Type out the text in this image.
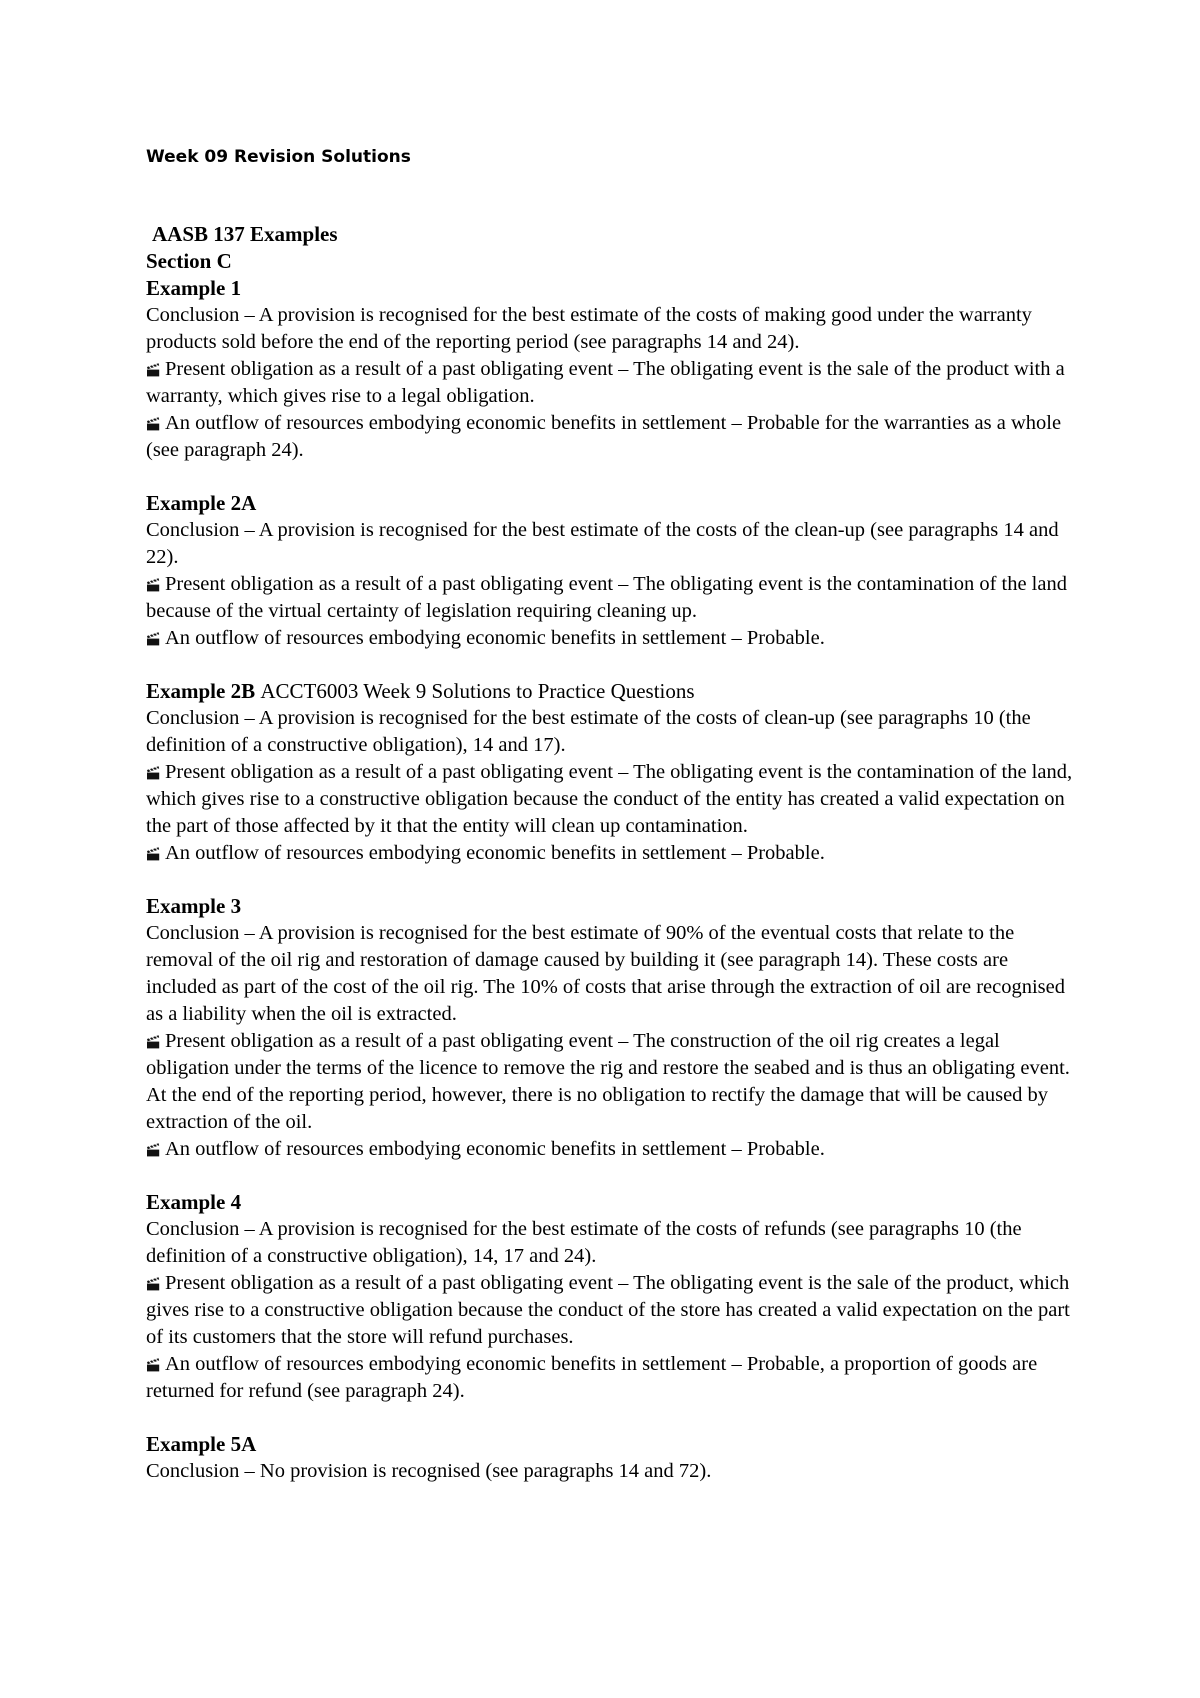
Week 09 Revision Solutions

AASB 137 Examples

Section C

Example 1

Conclusion – A provision is recognised for the best estimate of the costs of making good under the warranty products sold before the end of the reporting period (see paragraphs 14 and 24).

Present obligation as a result of a past obligating event – The obligating event is the sale of the product with a warranty, which gives rise to a legal obligation.

An outflow of resources embodying economic benefits in settlement – Probable for the warranties as a whole (see paragraph 24).

Example 2A

Conclusion – A provision is recognised for the best estimate of the costs of the clean-up (see paragraphs 14 and 22).

Present obligation as a result of a past obligating event – The obligating event is the contamination of the land because of the virtual certainty of legislation requiring cleaning up.

An outflow of resources embodying economic benefits in settlement – Probable.

Example 2B ACCT6003 Week 9 Solutions to Practice Questions

Conclusion – A provision is recognised for the best estimate of the costs of clean-up (see paragraphs 10 (the definition of a constructive obligation), 14 and 17).

Present obligation as a result of a past obligating event – The obligating event is the contamination of the land, which gives rise to a constructive obligation because the conduct of the entity has created a valid expectation on the part of those affected by it that the entity will clean up contamination.

An outflow of resources embodying economic benefits in settlement – Probable.

Example 3

Conclusion – A provision is recognised for the best estimate of 90% of the eventual costs that relate to the removal of the oil rig and restoration of damage caused by building it (see paragraph 14). These costs are included as part of the cost of the oil rig. The 10% of costs that arise through the extraction of oil are recognised as a liability when the oil is extracted.

Present obligation as a result of a past obligating event – The construction of the oil rig creates a legal obligation under the terms of the licence to remove the rig and restore the seabed and is thus an obligating event. At the end of the reporting period, however, there is no obligation to rectify the damage that will be caused by extraction of the oil.

An outflow of resources embodying economic benefits in settlement – Probable.

Example 4

Conclusion – A provision is recognised for the best estimate of the costs of refunds (see paragraphs 10 (the definition of a constructive obligation), 14, 17 and 24).

Present obligation as a result of a past obligating event – The obligating event is the sale of the product, which gives rise to a constructive obligation because the conduct of the store has created a valid expectation on the part of its customers that the store will refund purchases.

An outflow of resources embodying economic benefits in settlement – Probable, a proportion of goods are returned for refund (see paragraph 24).

Example 5A

Conclusion – No provision is recognised (see paragraphs 14 and 72).
